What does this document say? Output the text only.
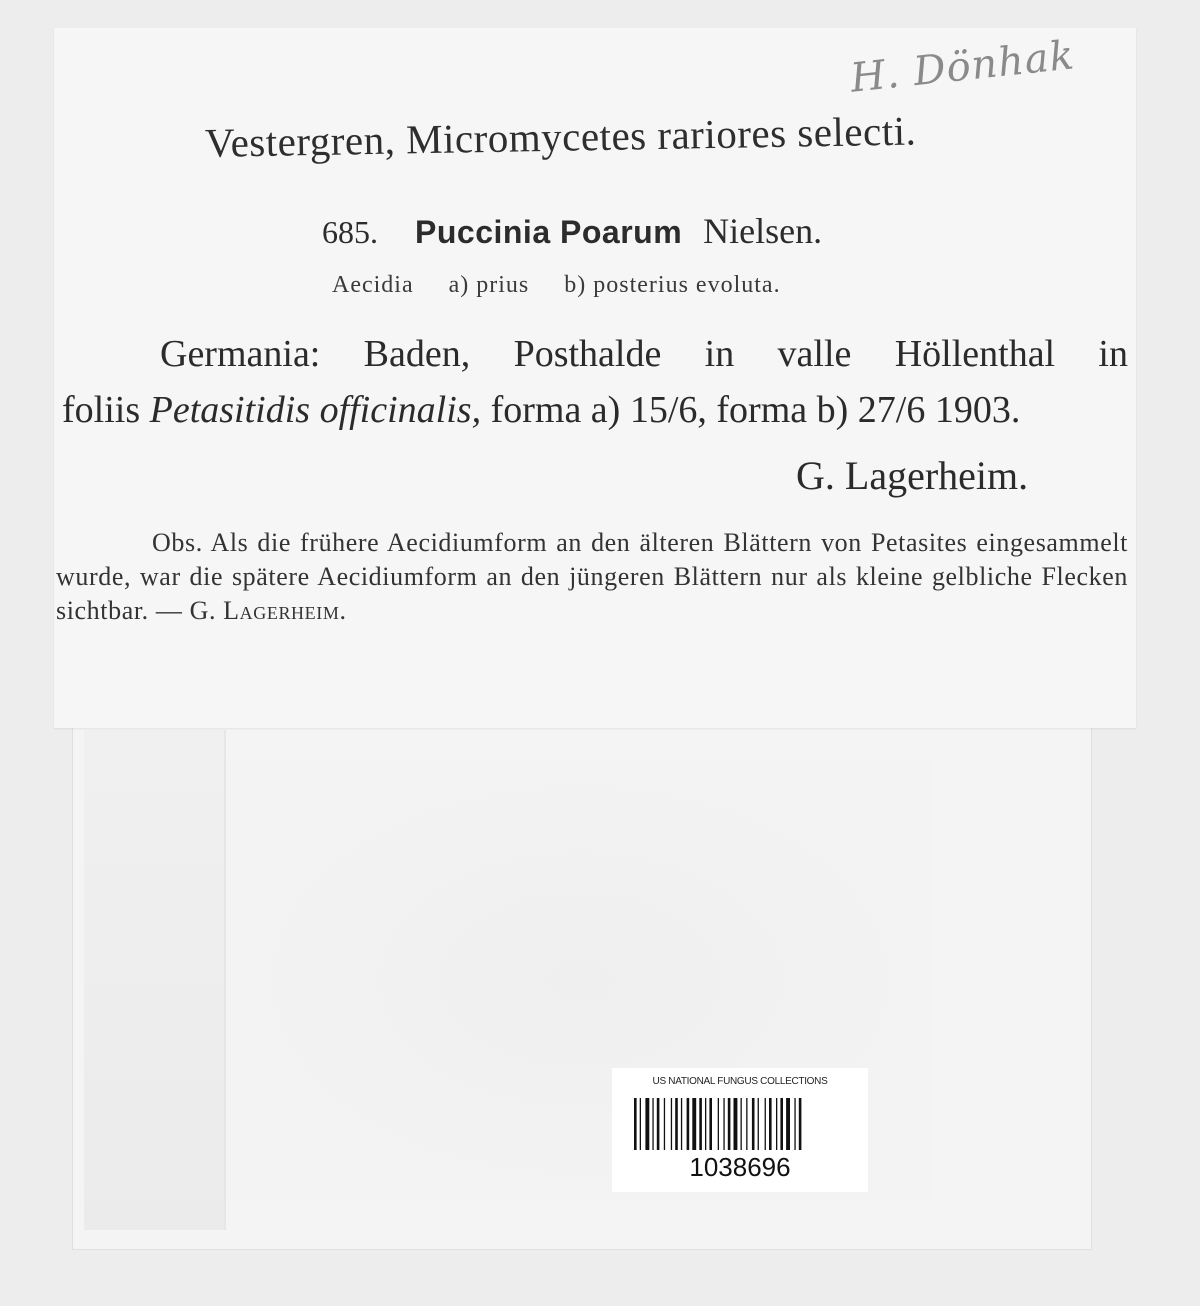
H. Dönhak
Vestergren, Micromycetes rariores selecti.
685. Puccinia Poarum Nielsen.
Aecidia a) prius b) posterius evoluta.
Germania: Baden, Posthalde in valle Höllenthal in
foliis Petasitidis officinalis, forma a) 15/6, forma b) 27/6 1903.
G. Lagerheim.
Obs. Als die frühere Aecidiumform an den älteren Blättern von Petasites eingesammelt wurde, war die spätere Aecidiumform an den jüngeren Blättern nur als kleine gelbliche Flecken sichtbar. — G. Lagerheim.
US NATIONAL FUNGUS COLLECTIONS
1038696
